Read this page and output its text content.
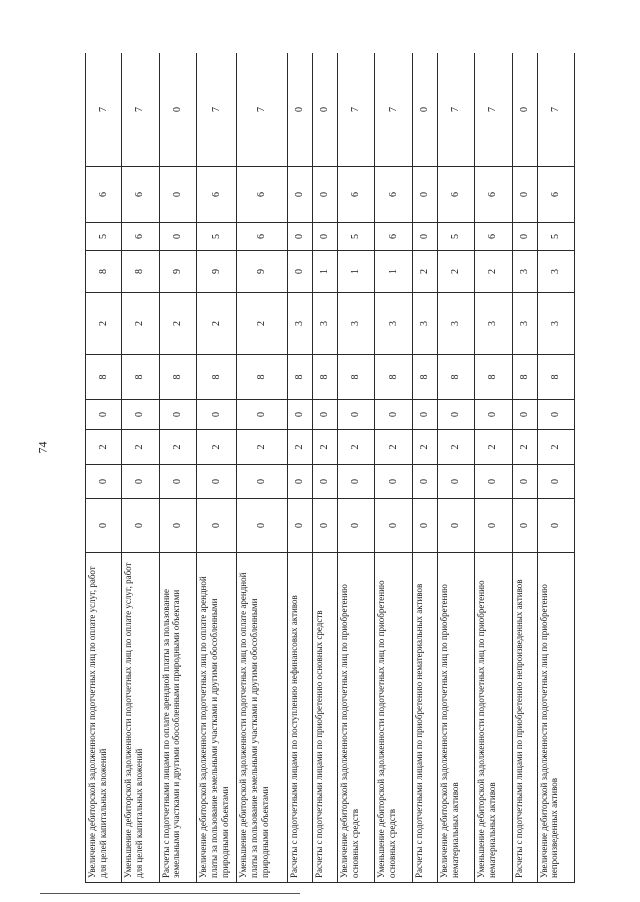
74
Увеличение дебиторской задолженности подотчетных лиц по оплате услуг, работ для целей капитальных вложений	0	0	2	0	8	2	8	5	6	7
Уменьшение дебиторской задолженности подотчетных лиц по оплате услуг, работ для целей капитальных вложений	0	0	2	0	8	2	8	6	6	7
Расчеты с подотчетными лицами по оплате арендной платы за пользование земельными участками и другими обособленными природными объектами	0	0	2	0	8	2	9	0	0	0
Увеличение дебиторской задолженности подотчетных лиц по оплате арендной платы за пользование земельными участками и другими обособленными природными объектами	0	0	2	0	8	2	9	5	6	7
Уменьшение дебиторской задолженности подотчетных лиц по оплате арендной платы за пользование земельными участками и другими обособленными природными объектами	0	0	2	0	8	2	9	6	6	7
Расчеты с подотчетными лицами по поступлению нефинансовых активов	0	0	2	0	8	3	0	0	0	0
Расчеты с подотчетными лицами по приобретению основных средств	0	0	2	0	8	3	1	0	0	0
Увеличение дебиторской задолженности подотчетных лиц по приобретению основных средств	0	0	2	0	8	3	1	5	6	7
Уменьшение дебиторской задолженности подотчетных лиц по приобретению основных средств	0	0	2	0	8	3	1	6	6	7
Расчеты с подотчетными лицами по приобретению нематериальных активов	0	0	2	0	8	3	2	0	0	0
Увеличение дебиторской задолженности подотчетных лиц по приобретению нематериальных активов	0	0	2	0	8	3	2	5	6	7
Уменьшение дебиторской задолженности подотчетных лиц по приобретению нематериальных активов	0	0	2	0	8	3	2	6	6	7
Расчеты с подотчетными лицами по приобретению непроизведенных активов	0	0	2	0	8	3	3	0	0	0
Увеличение дебиторской задолженности подотчетных лиц по приобретению непроизведенных активов	0	0	2	0	8	3	3	5	6	7
